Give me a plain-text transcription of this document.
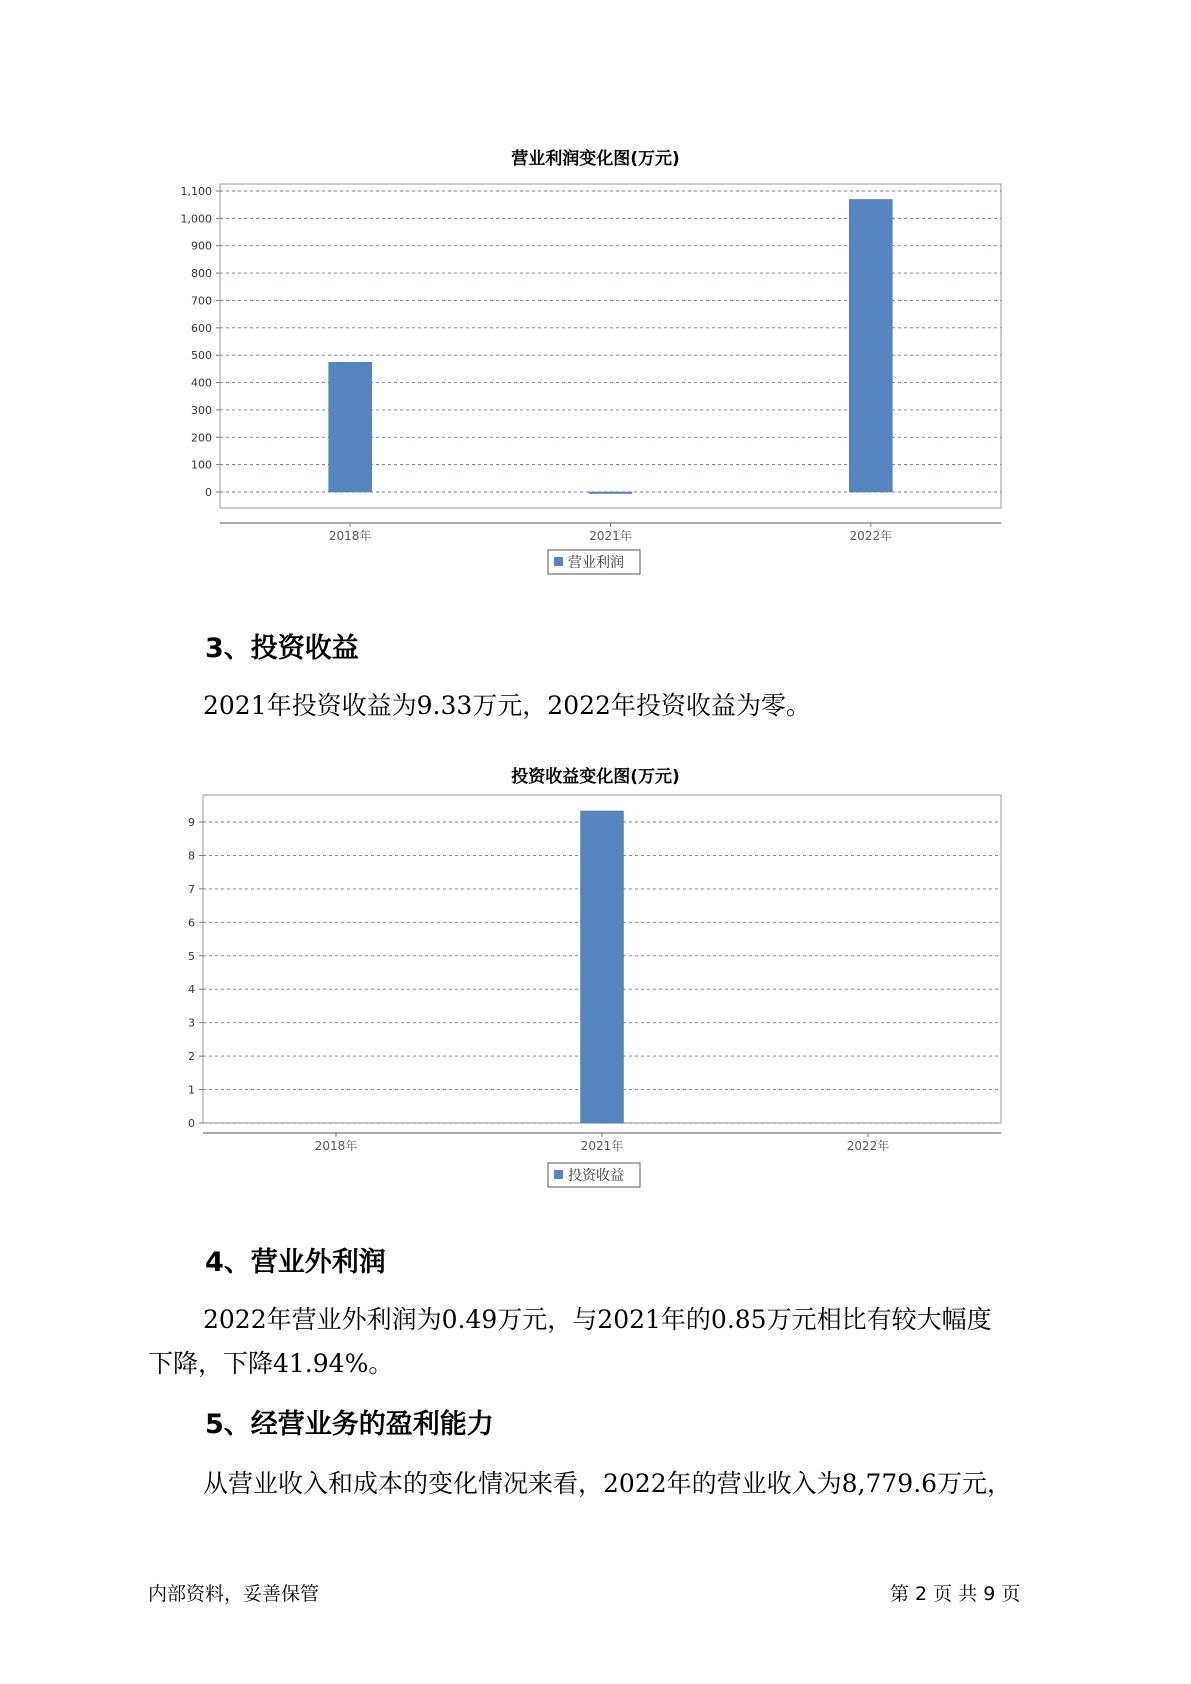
营业利润变化图(万元)
0
100
200
300
400
500
600
700
800
900
1,000
1,100
2018年	2021年	2022年
营业利润
3、投资收益
2021年投资收益为9.33万元，2022年投资收益为零。
投资收益变化图(万元)
0
1
2
3
4
5
6
7
8
9
2018年	2021年	2022年
投资收益
4、营业外利润
2022年营业外利润为0.49万元，与2021年的0.85万元相比有较大幅度
下降，下降41.94%。
5、经营业务的盈利能力
从营业收入和成本的变化情况来看，2022年的营业收入为8,779.6万元，
内部资料，妥善保管	第 2 页 共 9 页
